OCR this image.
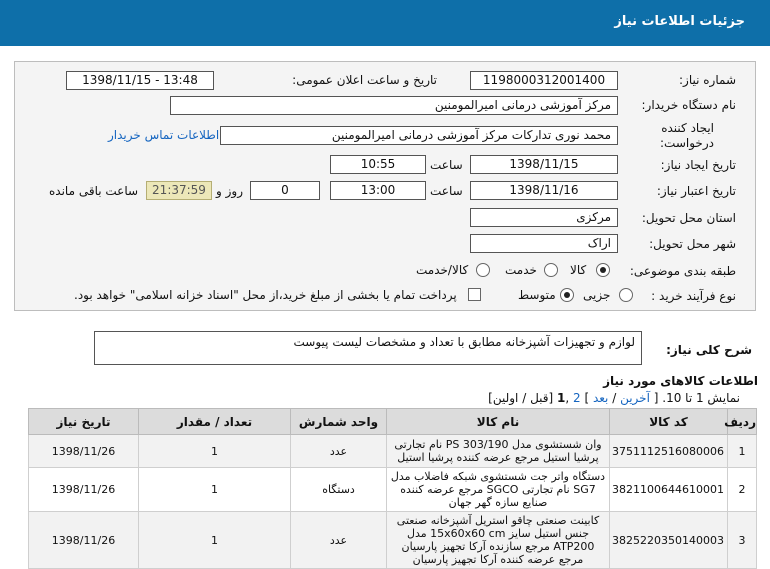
جزئیات اطلاعات نیاز
شماره نیاز:
1198000312001400
تاریخ و ساعت اعلان عمومی:
1398/11/15 - 13:48
نام دستگاه خریدار:
مرکز آموزشی درمانی امیرالمومنین
ایجاد کننده درخواست:
محمد نوری تدارکات مرکز آموزشی درمانی امیرالمومنین
اطلاعات تماس خریدار
تاریخ ایجاد نیاز:
1398/11/15
ساعت
10:55
تاریخ اعتبار نیاز:
1398/11/16
ساعت
13:00
0
روز و
21:37:59
ساعت باقی مانده
استان محل تحویل:
مرکزی
شهر محل تحویل:
اراک
طبقه بندی موضوعی:
کالا
خدمت
کالا/خدمت
نوع فرآیند خرید :
جزیی
متوسط
پرداخت تمام یا بخشی از مبلغ خرید،از محل "اسناد خزانه اسلامی" خواهد بود.
شرح کلی نیاز:
لوازم و تجهیزات آشپزخانه مطابق با تعداد و مشخصات لیست پیوست
اطلاعات کالاهای مورد نیاز
نمایش 1 تا 10. [ آخرین / بعد ] 2 ,1 [قبل / اولین]
ردیف	کد کالا	نام کالا	واحد شمارش	تعداد / مقدار	تاریخ نیاز
1	3751112516080006	وان شستشوی مدل PS 303/190 نام تجارتی پرشیا استیل مرجع عرضه کننده پرشیا استیل	عدد	1	1398/11/26
2	3821100644610001	دستگاه واتر جت شستشوی شبکه فاضلاب مدل SG7 نام تجارتی SGCO مرجع عرضه کننده صنایع سازه گهر جهان	دستگاه	1	1398/11/26
3	3825220350140003	کابینت صنعتی چاقو استریل آشپزخانه صنعتی جنس استیل سایز 15x60x60 cm مدل ATP200 مرجع سازنده آرکا تجهیز پارسیان مرجع عرضه کننده آرکا تجهیز پارسیان	عدد	1	1398/11/26
